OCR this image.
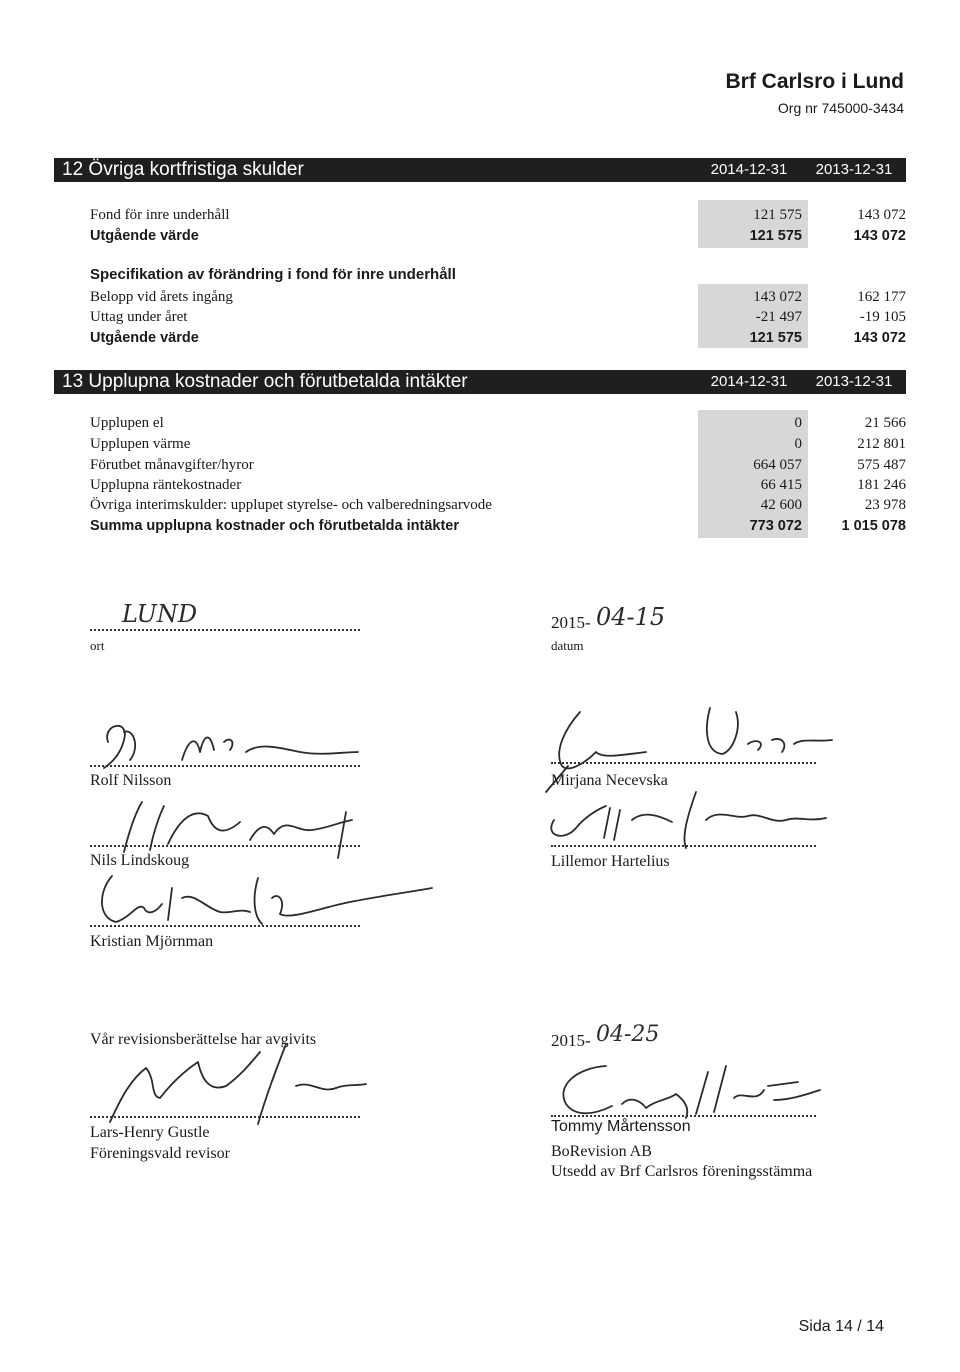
Brf Carlsro i Lund
Org nr 745000-3434
12 Övriga kortfristiga skulder	2014-12-31	2013-12-31
Fond för inre underhåll	121 575	143 072
Utgående värde	121 575	143 072
Specifikation av förändring i fond för inre underhåll
Belopp vid årets ingång	143 072	162 177
Uttag under året	-21 497	-19 105
Utgående värde	121 575	143 072
13 Upplupna kostnader och förutbetalda intäkter	2014-12-31	2013-12-31
Upplupen el	0	21 566
Upplupen värme	0	212 801
Förutbet månavgifter/hyror	664 057	575 487
Upplupna räntekostnader	66 415	181 246
Övriga interimskulder: upplupet styrelse- och valberedningsarvode	42 600	23 978
Summa upplupna kostnader och förutbetalda intäkter	773 072	1 015 078
LUND
ort
2015- 04-15
datum
Rolf Nilsson	Mirjana Necevska
Nils Lindskoug	Lillemor Hartelius
Kristian Mjörnman
Vår revisionsberättelse har avgivits
Lars-Henry Gustle
Föreningsvald revisor
2015- 04-25
Tommy Mårtensson
BoRevision AB
Utsedd av Brf Carlsros föreningsstämma
Sida 14 / 14
